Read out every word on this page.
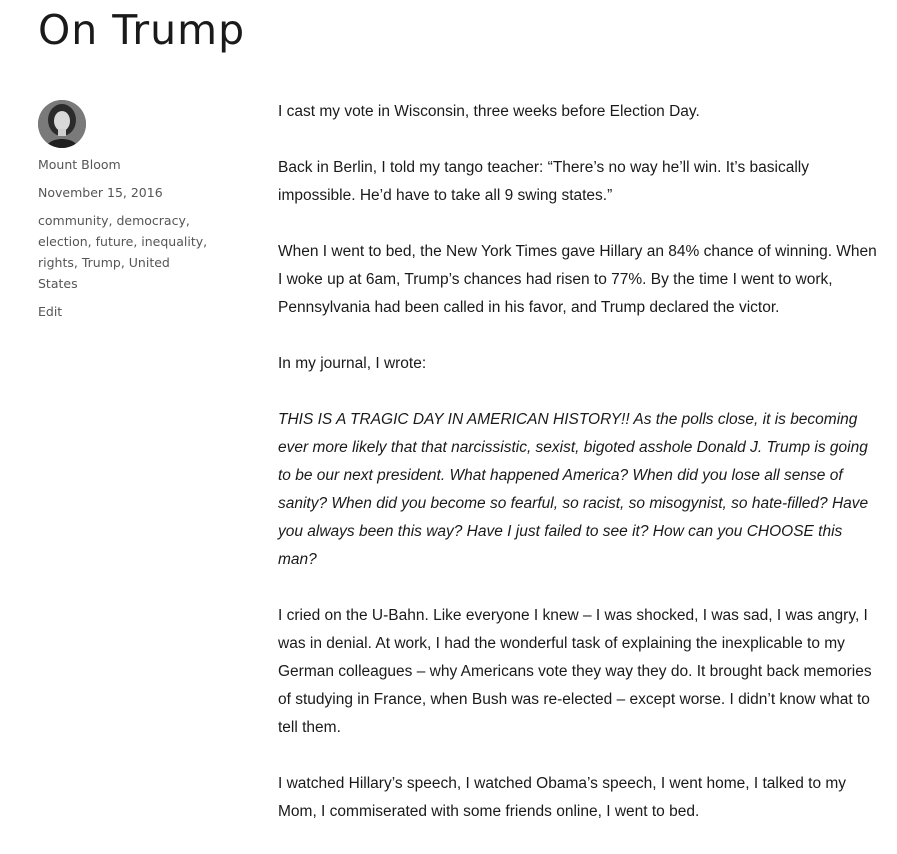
On Trump
Mount Bloom
November 15, 2016
community, democracy,
election, future, inequality,
rights, Trump, United States
Edit

I cast my vote in Wisconsin, three weeks before Election Day.

Back in Berlin, I told my tango teacher: “There’s no way he’ll win. It’s basically impossible. He’d have to take all 9 swing states.”

When I went to bed, the New York Times gave Hillary an 84% chance of winning. When I woke up at 6am, Trump’s chances had risen to 77%. By the time I went to work, Pennsylvania had been called in his favor, and Trump declared the victor.

In my journal, I wrote:

THIS IS A TRAGIC DAY IN AMERICAN HISTORY!! As the polls close, it is becoming ever more likely that that narcissistic, sexist, bigoted asshole Donald J. Trump is going to be our next president. What happened America? When did you lose all sense of sanity? When did you become so fearful, so racist, so misogynist, so hate-filled? Have you always been this way? Have I just failed to see it? How can you CHOOSE this man?

I cried on the U-Bahn. Like everyone I knew – I was shocked, I was sad, I was angry, I was in denial. At work, I had the wonderful task of explaining the inexplicable to my German colleagues – why Americans vote they way they do. It brought back memories of studying in France, when Bush was re-elected – except worse. I didn’t know what to tell them.

I watched Hillary’s speech, I watched Obama’s speech, I went home, I talked to my Mom, I commiserated with some friends online, I went to bed.
